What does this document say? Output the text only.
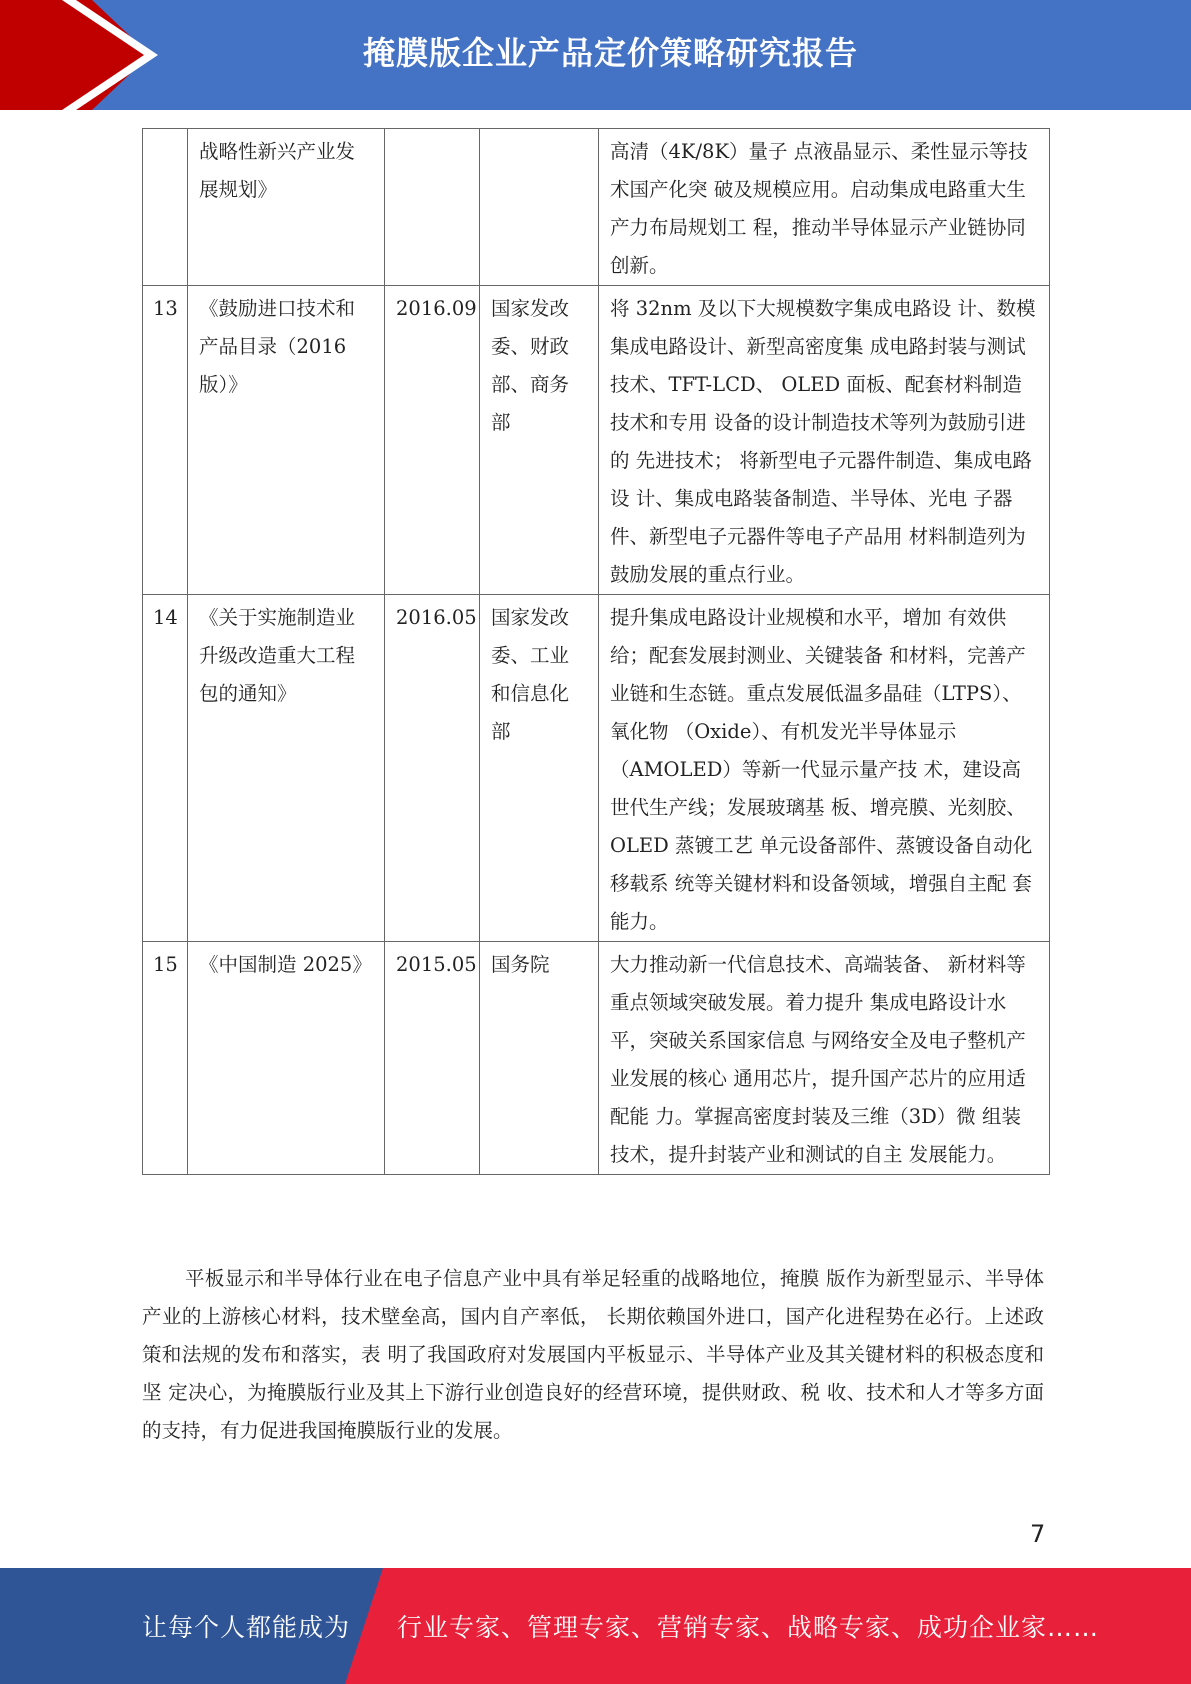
掩膜版企业产品定价策略研究报告
	战略性新兴产业发展规划》			高清（4K/8K）量子 点液晶显示、柔性显示等技术国产化突 破及规模应用。启动集成电路重大生产力布局规划工 程，推动半导体显示产业链协同创新。
13	《鼓励进口技术和产品目录（2016 版）》	2016.09	国家发改委、财政部、商务部	将 32nm 及以下大规模数字集成电路设 计、数模集成电路设计、新型高密度集 成电路封装与测试技术、TFT-LCD、 OLED 面板、配套材料制造技术和专用 设备的设计制造技术等列为鼓励引进的 先进技术； 将新型电子元器件制造、集成电路设 计、集成电路装备制造、半导体、光电 子器件、新型电子元器件等电子产品用 材料制造列为鼓励发展的重点行业。
14	《关于实施制造业升级改造重大工程包的通知》	2016.05	国家发改委、工业和信息化部	提升集成电路设计业规模和水平，增加 有效供给；配套发展封测业、关键装备 和材料，完善产业链和生态链。重点发展低温多晶硅（LTPS）、氧化物 （Oxide）、有机发光半导体显示 （AMOLED）等新一代显示量产技 术，建设高世代生产线；发展玻璃基 板、增亮膜、光刻胶、OLED 蒸镀工艺 单元设备部件、蒸镀设备自动化移载系 统等关键材料和设备领域，增强自主配 套能力。
15	《中国制造 2025》	2015.05	国务院	大力推动新一代信息技术、高端装备、 新材料等重点领域突破发展。着力提升 集成电路设计水平，突破关系国家信息 与网络安全及电子整机产业发展的核心 通用芯片，提升国产芯片的应用适配能 力。掌握高密度封装及三维（3D）微 组装技术，提升封装产业和测试的自主 发展能力。

平板显示和半导体行业在电子信息产业中具有举足轻重的战略地位，掩膜 版作为新型显示、半导体产业的上游核心材料，技术壁垒高，国内自产率低， 长期依赖国外进口，国产化进程势在必行。上述政策和法规的发布和落实，表 明了我国政府对发展国内平板显示、半导体产业及其关键材料的积极态度和坚 定决心，为掩膜版行业及其上下游行业创造良好的经营环境，提供财政、税 收、技术和人才等多方面的支持，有力促进我国掩膜版行业的发展。

7
让每个人都能成为 行业专家、管理专家、营销专家、战略专家、成功企业家……
